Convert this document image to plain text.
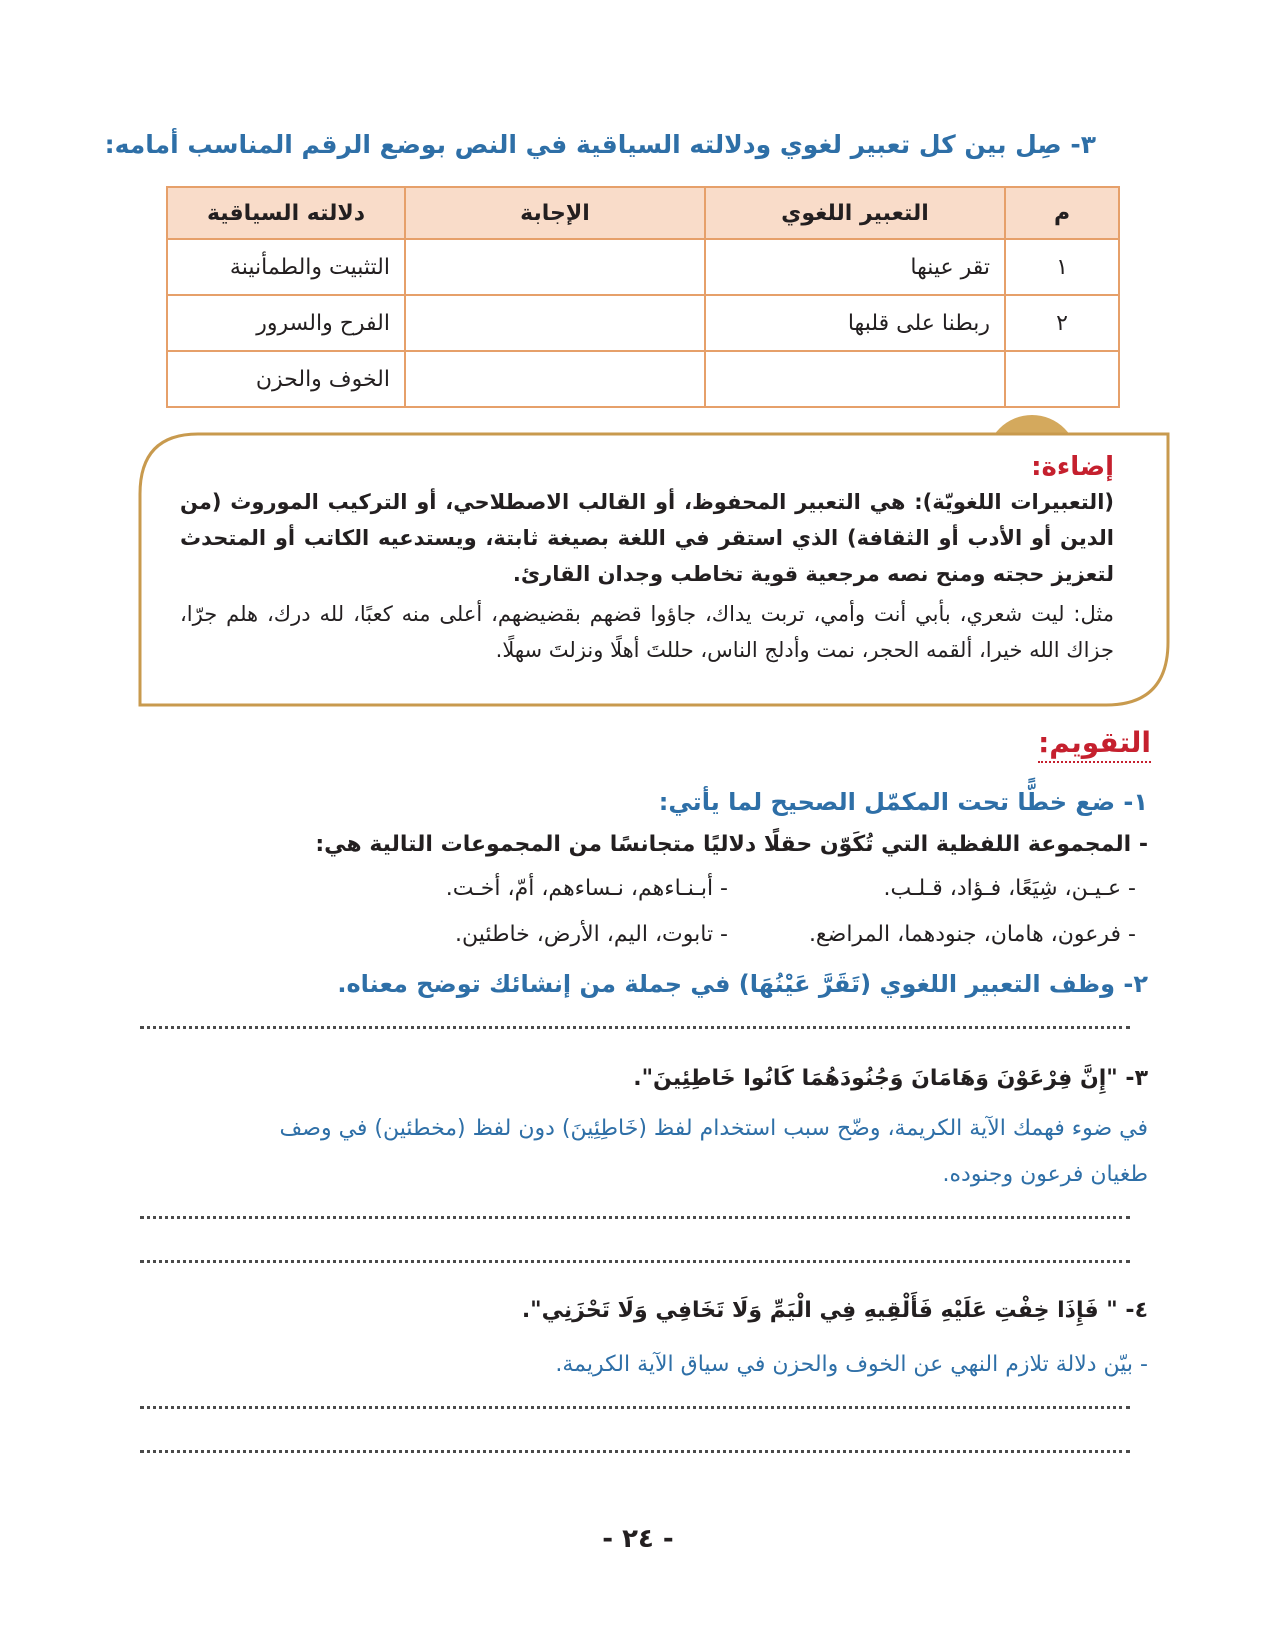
٣- صِل بين كل تعبير لغوي ودلالته السياقية في النص بوضع الرقم المناسب أمامه:
م	التعبير اللغوي	الإجابة	دلالته السياقية
١	تقر عينها		التثبيت والطمأنينة
٢	ربطنا على قلبها		الفرح والسرور
			الخوف والحزن
إضاءة:
(التعبيرات اللغويّة): هي التعبير المحفوظ، أو القالب الاصطلاحي، أو التركيب الموروث (من الدين أو الأدب أو الثقافة) الذي استقر في اللغة بصيغة ثابتة، ويستدعيه الكاتب أو المتحدث لتعزيز حجته ومنح نصه مرجعية قوية تخاطب وجدان القارئ.
مثل: ليت شعري، بأبي أنت وأمي، تربت يداك، جاؤوا قضهم بقضيضهم، أعلى منه كعبًا، لله درك، هلم جرّا، جزاك الله خيرا، ألقمه الحجر، نمت وأدلج الناس، حللتَ أهلًا ونزلتَ سهلًا.
التقويم:
١- ضع خطًّا تحت المكمّل الصحيح لما يأتي:
- المجموعة اللفظية التي تُكَوّن حقلًا دلاليًا متجانسًا من المجموعات التالية هي:
- عـيـن، شِيَعًا، فـؤاد، قـلـب.
- أبـنـاءهم، نـساءهم، أمّ، أخـت.
- فرعون، هامان، جنودهما، المراضع.
- تابوت، اليم، الأرض، خاطئين.
٢- وظف التعبير اللغوي (تَقَرَّ عَيْنُهَا) في جملة من إنشائك توضح معناه.
٣- "إِنَّ فِرْعَوْنَ وَهَامَانَ وَجُنُودَهُمَا كَانُوا خَاطِئِينَ".
في ضوء فهمك الآية الكريمة، وضّح سبب استخدام لفظ (خَاطِئِينَ) دون لفظ (مخطئين) في وصف
طغيان فرعون وجنوده.
٤- " فَإِذَا خِفْتِ عَلَيْهِ فَأَلْقِيهِ فِي الْيَمِّ وَلَا تَخَافِي وَلَا تَحْزَنِي".
- بيّن دلالة تلازم النهي عن الخوف والحزن في سياق الآية الكريمة.
- ٢٤ -
